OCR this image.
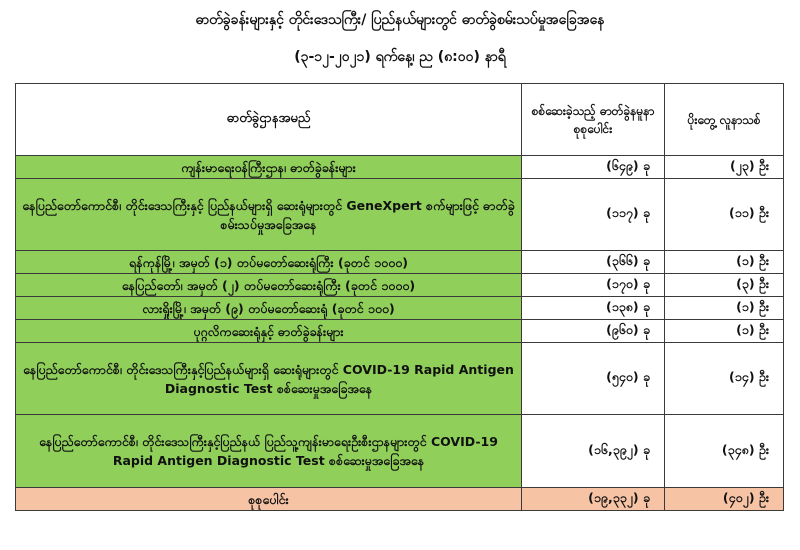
ဓာတ်ခွဲခန်းများနှင့် တိုင်းဒေသကြီး/ ပြည်နယ်များတွင် ဓာတ်ခွဲစမ်းသပ်မှုအခြေအနေ
(၃-၁၂-၂၀၂၁) ရက်နေ့၊ ည (၈:၀၀) နာရီ
ဓာတ်ခွဲဌာနအမည်	စစ်ဆေးခဲ့သည့် ဓာတ်ခွဲနမူနာ စုစုပေါင်း	ပိုးတွေ့ လူနာသစ်
ကျန်းမာရေးဝန်ကြီးဌာန၊ ဓာတ်ခွဲခန်းများ	(၆၄၉) ခု	(၂၃) ဦး
နေပြည်တော်ကောင်စီ၊ တိုင်းဒေသကြီးနှင့် ပြည်နယ်များရှိ ဆေးရုံများတွင် GeneXpert စက်များဖြင့် ဓာတ်ခွဲစမ်းသပ်မှုအခြေအနေ	(၁၁၇) ခု	(၁၁) ဦး
ရန်ကုန်မြို့၊ အမှတ် (၁) တပ်မတော်ဆေးရုံကြီး (ခုတင် ၁၀၀၀)	(၃၆၆) ခု	(၁) ဦး
နေပြည်တော်၊ အမှတ် (၂) တပ်မတော်ဆေးရုံကြီး (ခုတင် ၁၀၀၀)	(၁၇၀) ခု	(၃) ဦး
လားရှိုးမြို့၊ အမှတ် (၉) တပ်မတော်ဆေးရုံ (ခုတင် ၁၀၀)	(၁၃၈) ခု	(၁) ဦး
ပုဂ္ဂလိကဆေးရုံနှင့် ဓာတ်ခွဲခန်းများ	(၉၆၀) ခု	(၁) ဦး
နေပြည်တော်ကောင်စီ၊ တိုင်းဒေသကြီးနှင့်ပြည်နယ်များရှိ ဆေးရုံများတွင် COVID-19 Rapid Antigen Diagnostic Test စစ်ဆေးမှုအခြေအနေ	(၅၄၀) ခု	(၁၄) ဦး
နေပြည်တော်ကောင်စီ၊ တိုင်းဒေသကြီးနှင့်ပြည်နယ် ပြည်သူ့ကျန်းမာရေးဦးစီးဌာနများတွင် COVID-19 Rapid Antigen Diagnostic Test စစ်ဆေးမှုအခြေအနေ	(၁၆,၃၉၂) ခု	(၃၄၈) ဦး
စုစုပေါင်း	(၁၉,၃၃၂) ခု	(၄၀၂) ဦး
